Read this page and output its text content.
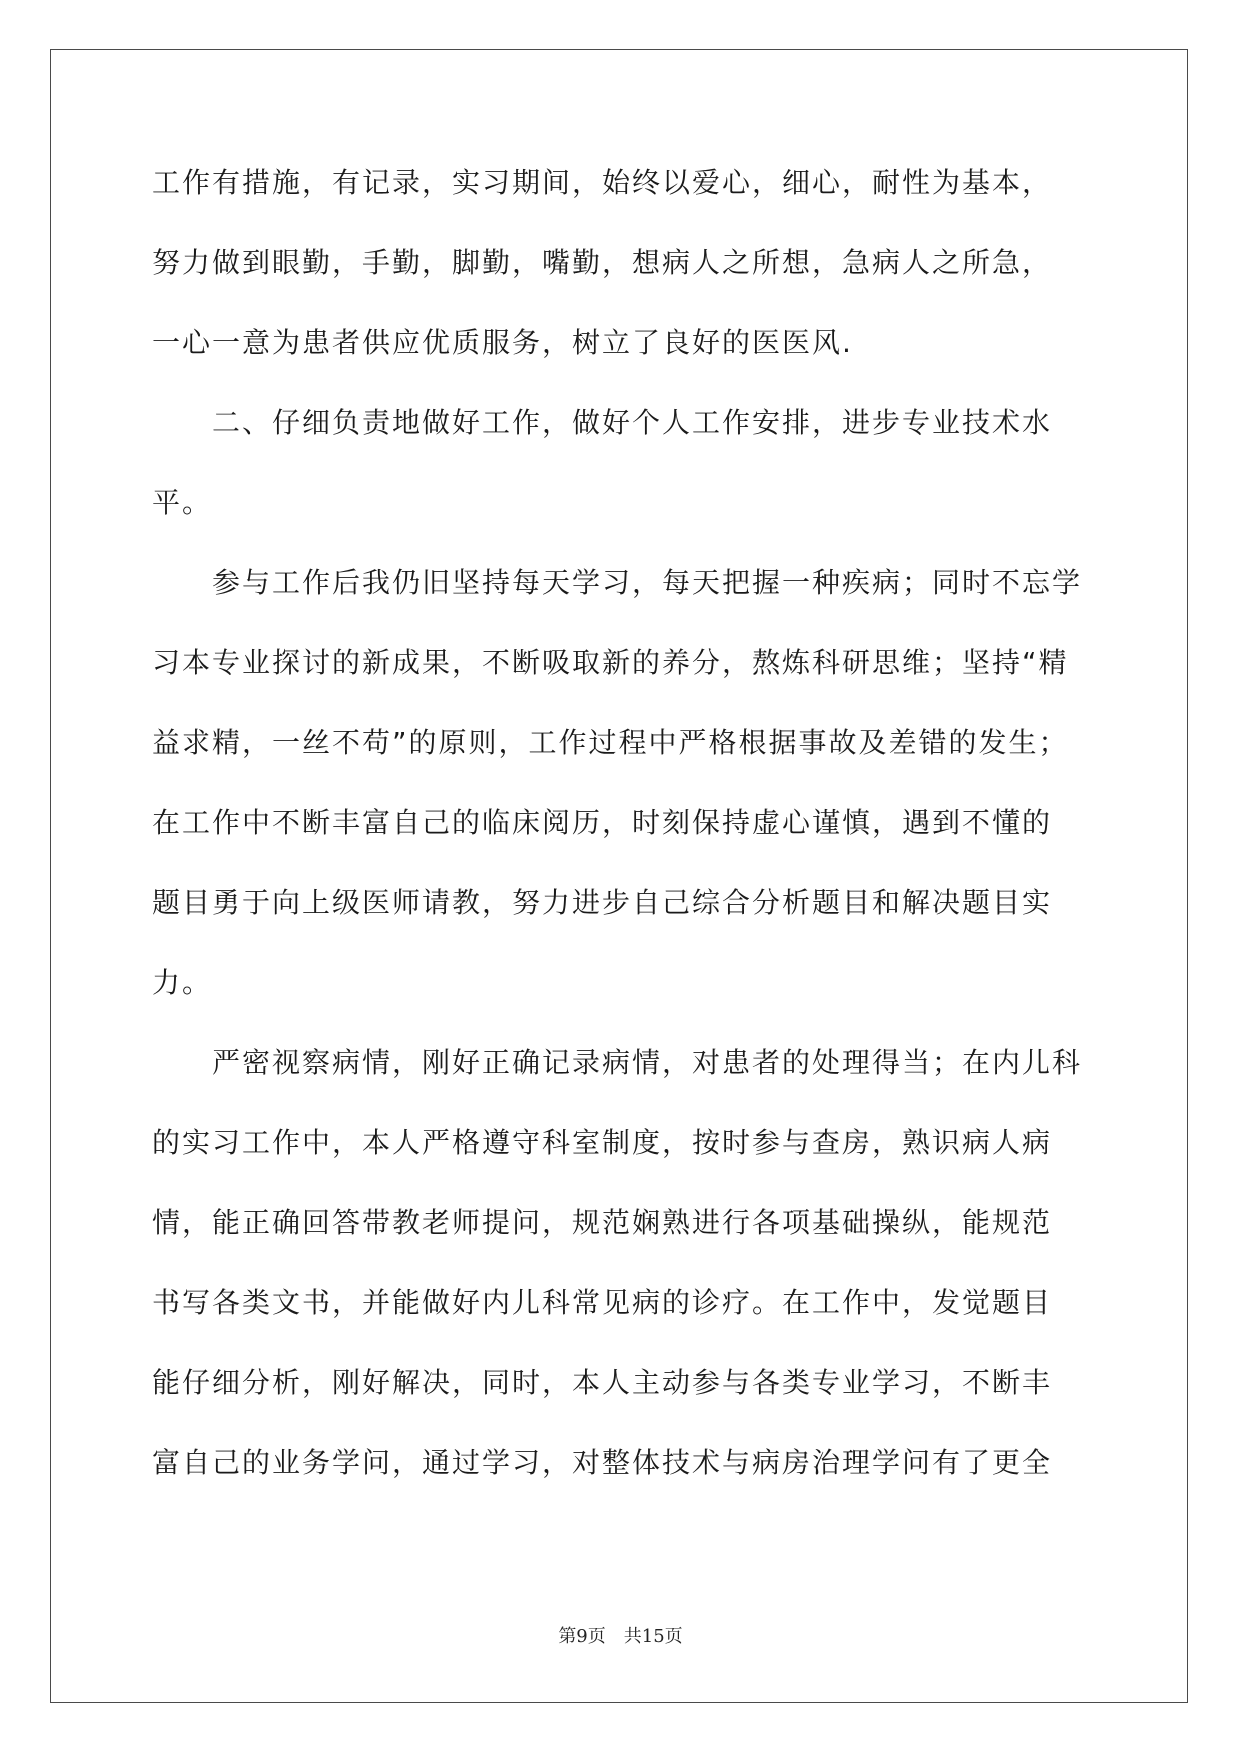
工作有措施，有记录，实习期间，始终以爱心，细心，耐性为基本，
努力做到眼勤，手勤，脚勤，嘴勤，想病人之所想，急病人之所急，
一心一意为患者供应优质服务，树立了良好的医医风.
二、仔细负责地做好工作，做好个人工作安排，进步专业技术水
平。
参与工作后我仍旧坚持每天学习，每天把握一种疾病；同时不忘学
习本专业探讨的新成果，不断吸取新的养分，熬炼科研思维；坚持“精
益求精，一丝不苟”的原则，工作过程中严格根据事故及差错的发生；
在工作中不断丰富自己的临床阅历，时刻保持虚心谨慎，遇到不懂的
题目勇于向上级医师请教，努力进步自己综合分析题目和解决题目实
力。
严密视察病情，刚好正确记录病情，对患者的处理得当；在内儿科
的实习工作中，本人严格遵守科室制度，按时参与查房，熟识病人病
情，能正确回答带教老师提问，规范娴熟进行各项基础操纵，能规范
书写各类文书，并能做好内儿科常见病的诊疗。在工作中，发觉题目
能仔细分析，刚好解决，同时，本人主动参与各类专业学习，不断丰
富自己的业务学问，通过学习，对整体技术与病房治理学问有了更全
第9页 共15页
